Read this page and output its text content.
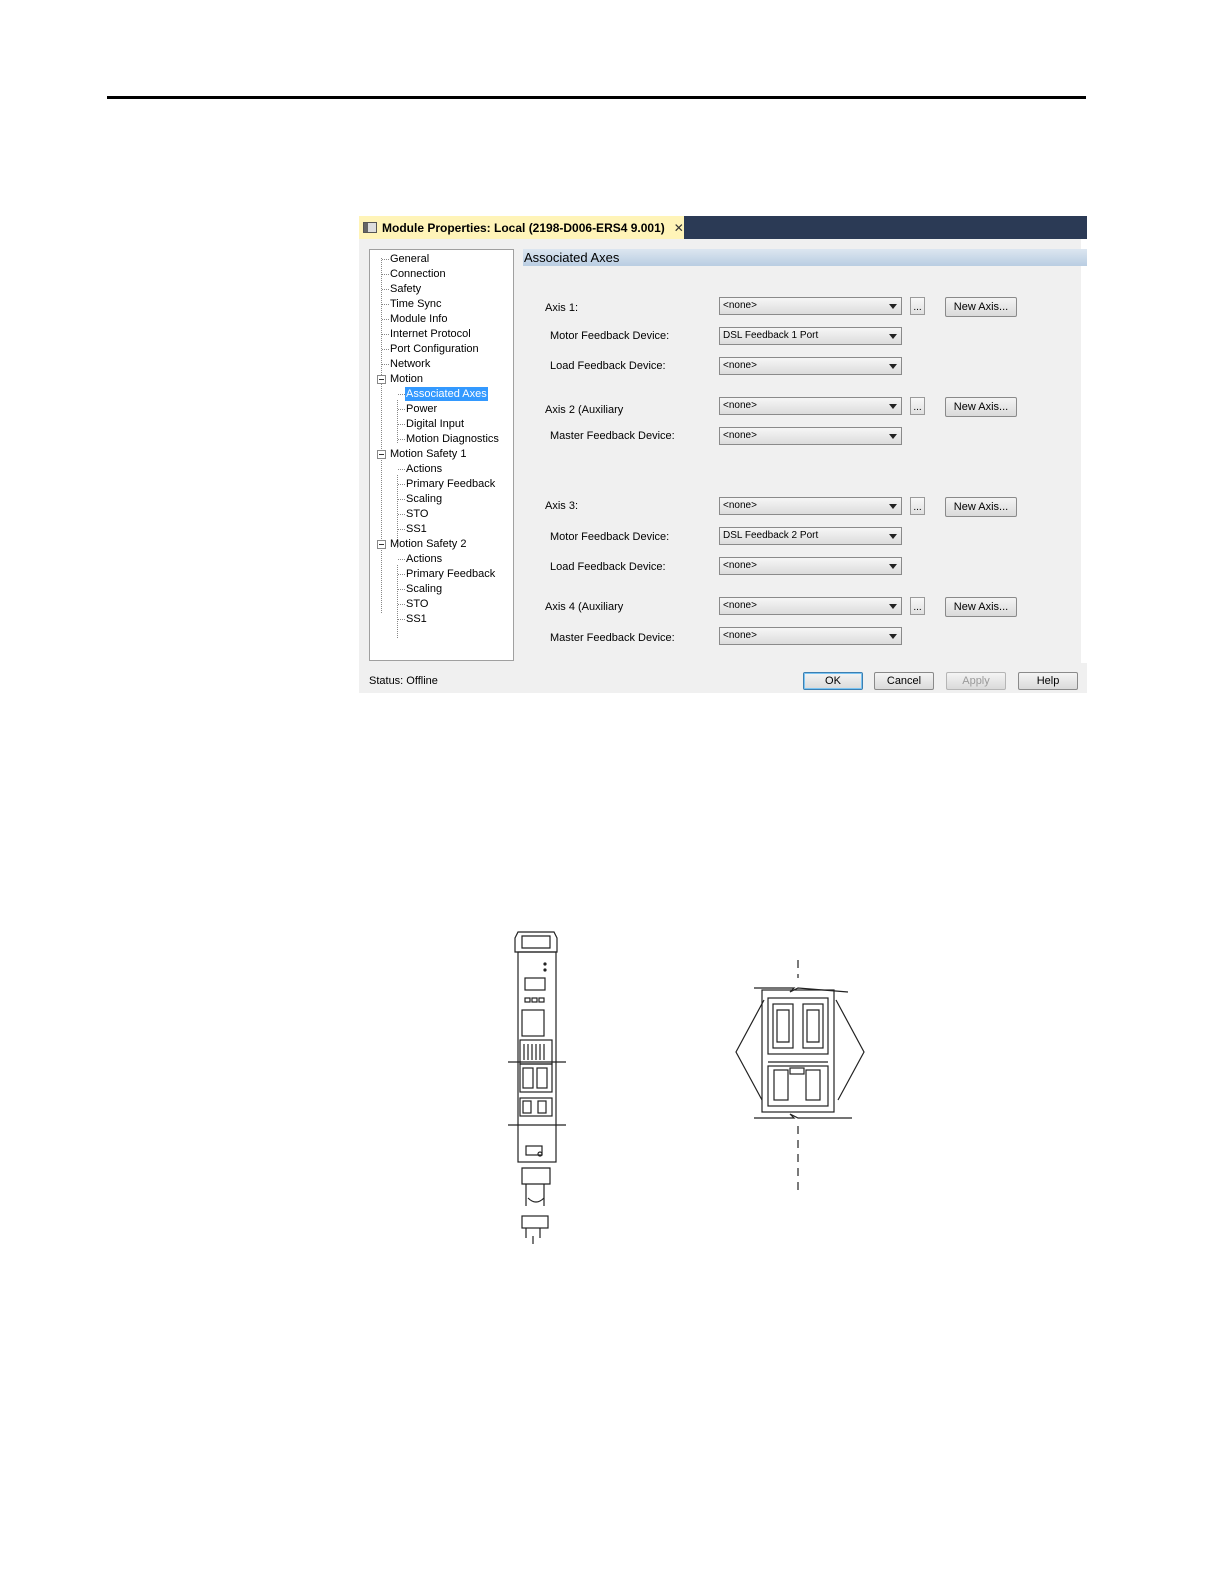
Module Properties: Local (2198-D006-ERS4 9.001) ✕
General
Connection
Safety
Time Sync
Module Info
Internet Protocol
Port Configuration
Network
Motion
Associated Axes
Power
Digital Input
Motion Diagnostics
Motion Safety 1
Actions
Primary Feedback
Scaling
STO
SS1
Motion Safety 2
Actions
Primary Feedback
Scaling
STO
SS1
Associated Axes
Axis 1:	<none>	...	New Axis...
Motor Feedback Device:	DSL Feedback 1 Port
Load Feedback Device:	<none>
Axis 2 (Auxiliary	<none>	...	New Axis...
Master Feedback Device:	<none>
Axis 3:	<none>	...	New Axis...
Motor Feedback Device:	DSL Feedback 2 Port
Load Feedback Device:	<none>
Axis 4 (Auxiliary	<none>	...	New Axis...
Master Feedback Device:	<none>
Status: Offline	OK	Cancel	Apply	Help
